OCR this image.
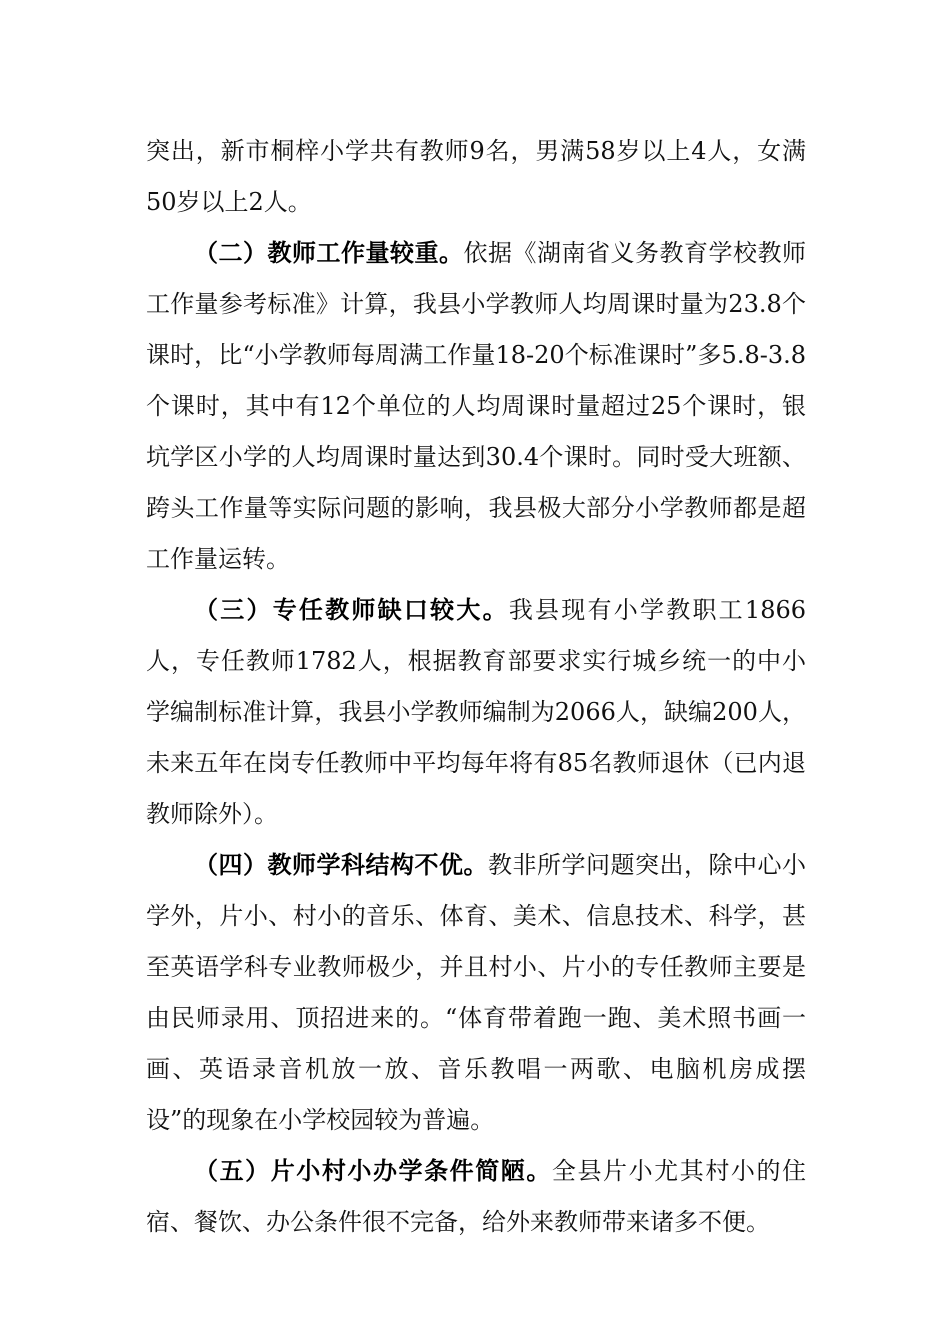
突出，新市桐梓小学共有教师9名，男满58岁以上4人，女满50岁以上2人。

（二）教师工作量较重。依据《湖南省义务教育学校教师工作量参考标准》计算，我县小学教师人均周课时量为23.8个课时，比“小学教师每周满工作量18-20个标准课时”多5.8-3.8个课时，其中有12个单位的人均周课时量超过25个课时，银坑学区小学的人均周课时量达到30.4个课时。同时受大班额、跨头工作量等实际问题的影响，我县极大部分小学教师都是超工作量运转。

（三）专任教师缺口较大。我县现有小学教职工1866人，专任教师1782人，根据教育部要求实行城乡统一的中小学编制标准计算，我县小学教师编制为2066人，缺编200人，未来五年在岗专任教师中平均每年将有85名教师退休（已内退教师除外）。

（四）教师学科结构不优。教非所学问题突出，除中心小学外，片小、村小的音乐、体育、美术、信息技术、科学，甚至英语学科专业教师极少，并且村小、片小的专任教师主要是由民师录用、顶招进来的。“体育带着跑一跑、美术照书画一画、英语录音机放一放、音乐教唱一两歌、电脑机房成摆设”的现象在小学校园较为普遍。

（五）片小村小办学条件简陋。全县片小尤其村小的住宿、餐饮、办公条件很不完备，给外来教师带来诸多不便。
